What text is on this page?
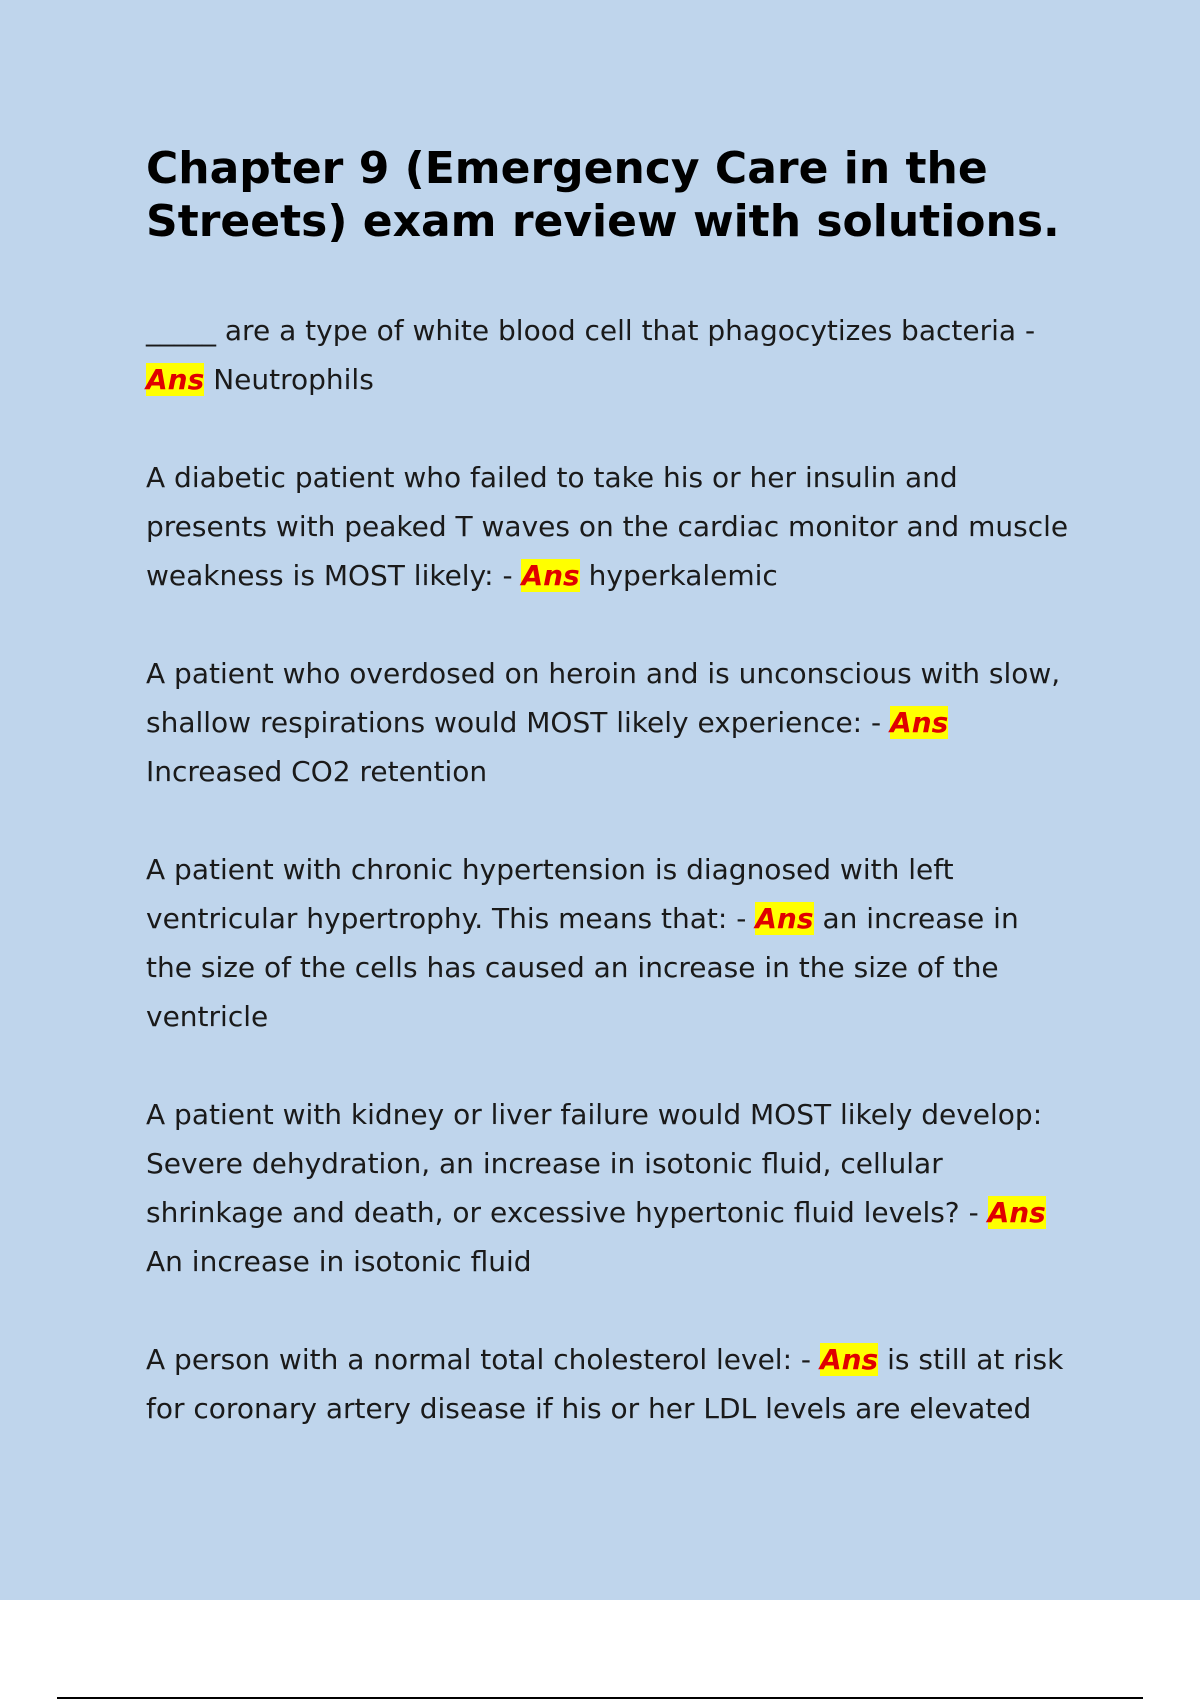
Chapter 9 (Emergency Care in the Streets) exam review with solutions.

_____ are a type of white blood cell that phagocytizes bacteria - Ans Neutrophils

A diabetic patient who failed to take his or her insulin and presents with peaked T waves on the cardiac monitor and muscle weakness is MOST likely: - Ans hyperkalemic

A patient who overdosed on heroin and is unconscious with slow, shallow respirations would MOST likely experience: - Ans Increased CO2 retention

A patient with chronic hypertension is diagnosed with left ventricular hypertrophy. This means that: - Ans an increase in the size of the cells has caused an increase in the size of the ventricle

A patient with kidney or liver failure would MOST likely develop: Severe dehydration, an increase in isotonic fluid, cellular shrinkage and death, or excessive hypertonic fluid levels? - Ans An increase in isotonic fluid

A person with a normal total cholesterol level: - Ans is still at risk for coronary artery disease if his or her LDL levels are elevated
